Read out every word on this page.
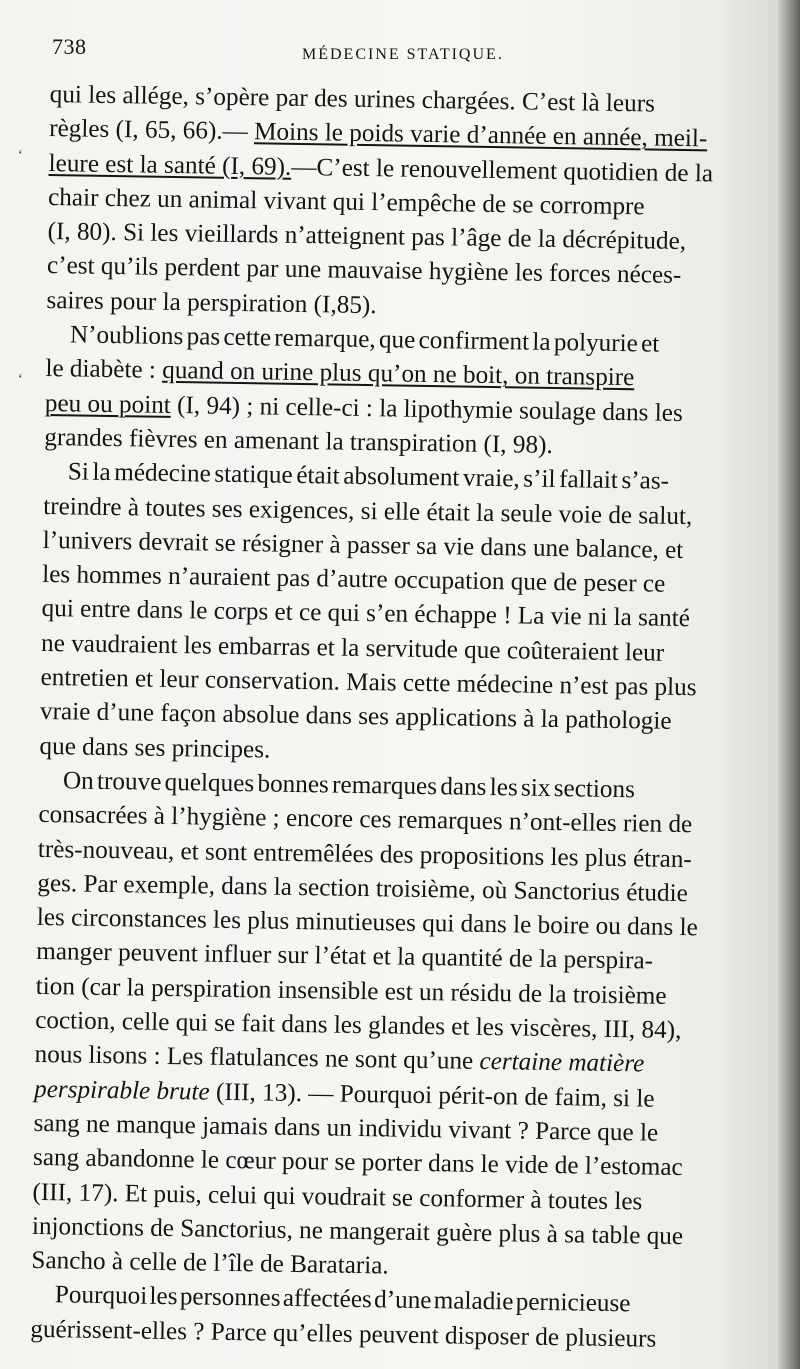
738	MÉDECINE STATIQUE.
ʻ
ʻ
qui les allége, s’opère par des urines chargées. C’est là leurs
règles (I, 65, 66).— Moins le poids varie d’année en année, meil-
leure est la santé (I, 69).—C’est le renouvellement quotidien de la
chair chez un animal vivant qui l’empêche de se corrompre
(I, 80). Si les vieillards n’atteignent pas l’âge de la décrépitude,
c’est qu’ils perdent par une mauvaise hygiène les forces néces-
saires pour la perspiration (I,85).
N’oublions pas cette remarque, que confirment la polyurie et
le diabète : quand on urine plus qu’on ne boit, on transpire
peu ou point (I, 94) ; ni celle-ci : la lipothymie soulage dans les
grandes fièvres en amenant la transpiration (I, 98).
Si la médecine statique était absolument vraie, s’il fallait s’as-
treindre à toutes ses exigences, si elle était la seule voie de salut,
l’univers devrait se résigner à passer sa vie dans une balance, et
les hommes n’auraient pas d’autre occupation que de peser ce
qui entre dans le corps et ce qui s’en échappe ! La vie ni la santé
ne vaudraient les embarras et la servitude que coûteraient leur
entretien et leur conservation. Mais cette médecine n’est pas plus
vraie d’une façon absolue dans ses applications à la pathologie
que dans ses principes.
On trouve quelques bonnes remarques dans les six sections
consacrées à l’hygiène ; encore ces remarques n’ont-elles rien de
très-nouveau, et sont entremêlées des propositions les plus étran-
ges. Par exemple, dans la section troisième, où Sanctorius étudie
les circonstances les plus minutieuses qui dans le boire ou dans le
manger peuvent influer sur l’état et la quantité de la perspira-
tion (car la perspiration insensible est un résidu de la troisième
coction, celle qui se fait dans les glandes et les viscères, III, 84),
nous lisons : Les flatulances ne sont qu’une certaine matière
perspirable brute (III, 13). — Pourquoi périt-on de faim, si le
sang ne manque jamais dans un individu vivant ? Parce que le
sang abandonne le cœur pour se porter dans le vide de l’estomac
(III, 17). Et puis, celui qui voudrait se conformer à toutes les
injonctions de Sanctorius, ne mangerait guère plus à sa table que
Sancho à celle de l’île de Barataria.
Pourquoi les personnes affectées d’une maladie pernicieuse
guérissent-elles ? Parce qu’elles peuvent disposer de plusieurs
